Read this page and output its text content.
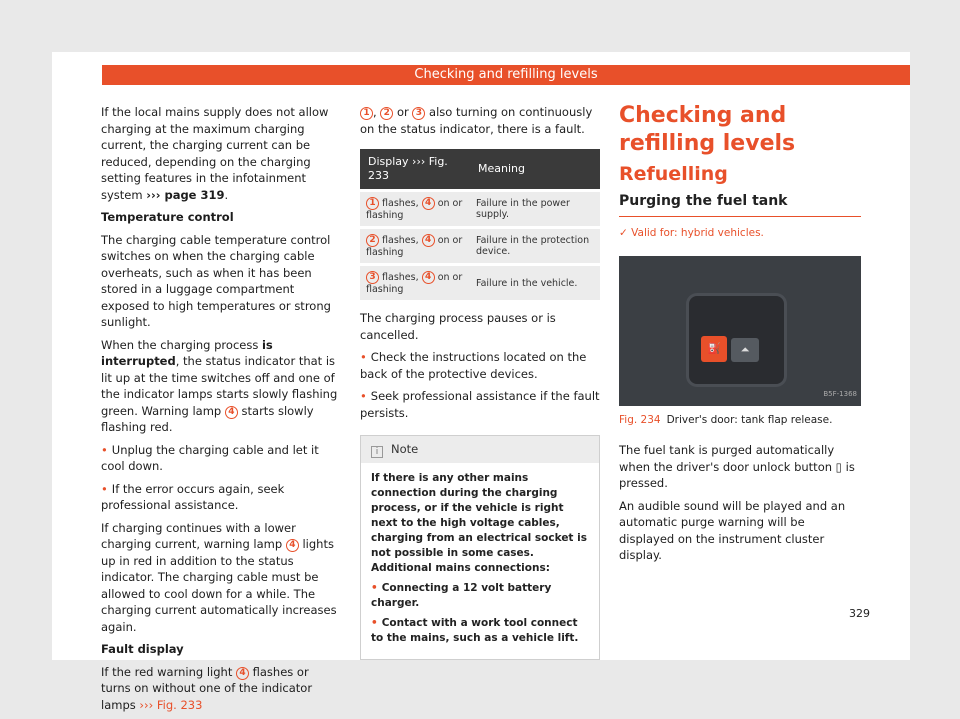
Checking and refilling levels

If the local mains supply does not allow charging at the maximum charging current, the charging current can be reduced, depending on the charging setting features in the infotainment system ››› page 319.

Temperature control

The charging cable temperature control switches on when the charging cable overheats, such as when it has been stored in a luggage compartment exposed to high temperatures or strong sunlight.

When the charging process is interrupted, the status indicator that is lit up at the time switches off and one of the indicator lamps starts slowly flashing green. Warning lamp 4 starts slowly flashing red.

• Unplug the charging cable and let it cool down.

• If the error occurs again, seek professional assistance.

If charging continues with a lower charging current, warning lamp 4 lights up in red in addition to the status indicator. The charging cable must be allowed to cool down for a while. The charging current automatically increases again.

Fault display

If the red warning light 4 flashes or turns on without one of the indicator lamps ››› Fig. 233

1 , 2 or 3 also turning on continuously on the status indicator, there is a fault.

Display ››› Fig. 233	Meaning
1 flashes, 4 on or flashing	Failure in the power supply.
2 flashes, 4 on or flashing	Failure in the protection device.
3 flashes, 4 on or flashing	Failure in the vehicle.

The charging process pauses or is cancelled.

• Check the instructions located on the back of the protective devices.

• Seek professional assistance if the fault persists.

i Note

If there is any other mains connection during the charging process, or if the vehicle is right next to the high voltage cables, charging from an electrical socket is not possible in some cases. Additional mains connections:

• Connecting a 12 volt battery charger.

• Contact with a work tool connect to the mains, such as a vehicle lift.

Checking and refilling levels
Refuelling
Purging the fuel tank
✓ Valid for: hybrid vehicles.
⛽	⏶
B5F-1368
Fig. 234 Driver's door: tank flap release.

The fuel tank is purged automatically when the driver's door unlock button ▯ is pressed.

An audible sound will be played and an automatic purge warning will be displayed on the instrument cluster display.

329
